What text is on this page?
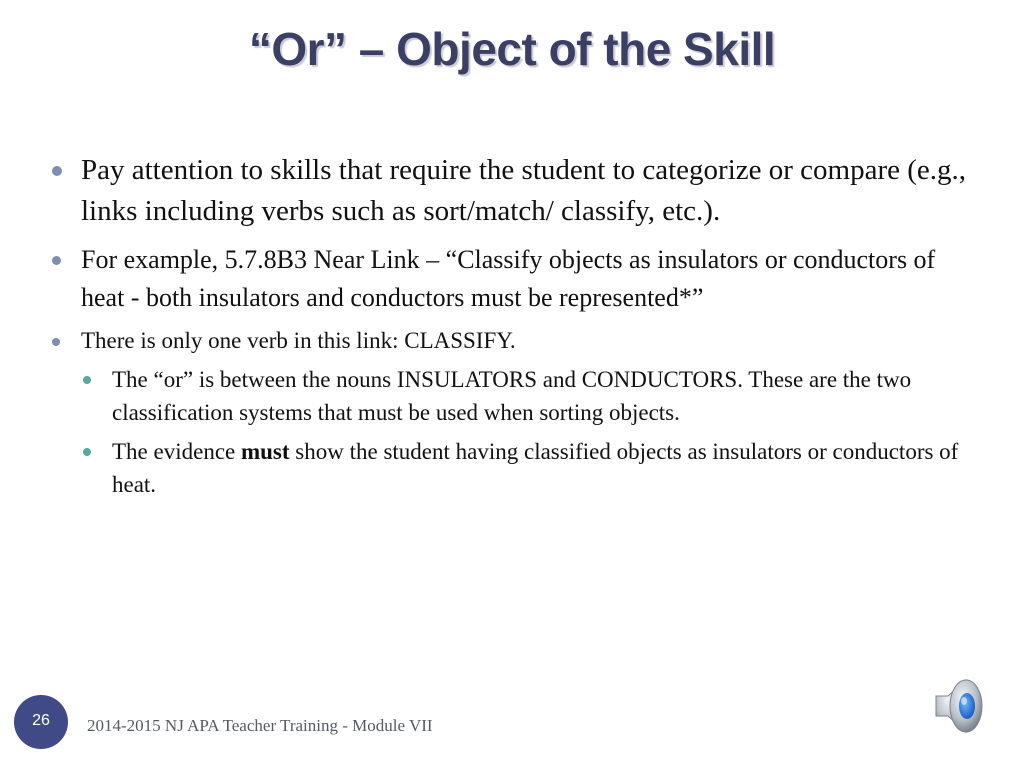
“Or” – Object of the Skill
Pay attention to skills that require the student to categorize or compare (e.g., links including verbs such as sort/match/ classify, etc.).
For example, 5.7.8B3 Near Link – “Classify objects as insulators or conductors of heat - both insulators and conductors must be represented*”
There is only one verb in this link: CLASSIFY.
The “or” is between the nouns INSULATORS and CONDUCTORS. These are the two classification systems that must be used when sorting objects.
The evidence must show the student having classified objects as insulators or conductors of heat.
26	2014-2015 NJ APA Teacher Training - Module VII
